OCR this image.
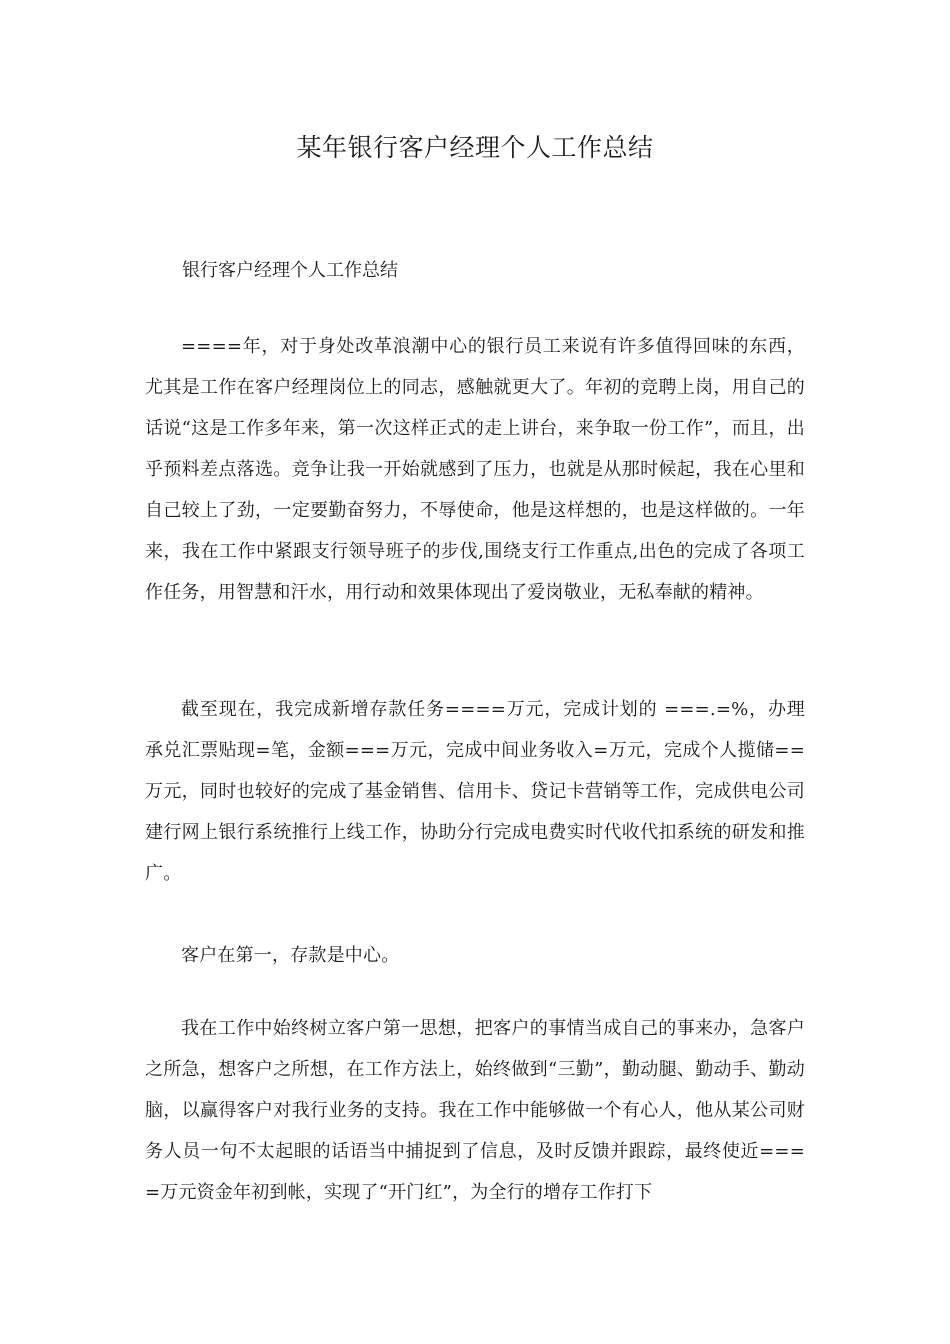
某年银行客户经理个人工作总结
银行客户经理个人工作总结

====年，对于身处改革浪潮中心的银行员工来说有许多值得回味的东西，尤其是工作在客户经理岗位上的同志，感触就更大了。年初的竞聘上岗，用自己的话说“这是工作多年来，第一次这样正式的走上讲台，来争取一份工作”，而且，出乎预料差点落选。竞争让我一开始就感到了压力，也就是从那时候起，我在心里和自己较上了劲，一定要勤奋努力，不辱使命，他是这样想的，也是这样做的。一年来，我在工作中紧跟支行领导班子的步伐,围绕支行工作重点,出色的完成了各项工作任务，用智慧和汗水，用行动和效果体现出了爱岗敬业，无私奉献的精神。

截至现在，我完成新增存款任务====万元，完成计划的 ===.=%，办理承兑汇票贴现=笔，金额===万元，完成中间业务收入=万元，完成个人揽储==万元，同时也较好的完成了基金销售、信用卡、贷记卡营销等工作，完成供电公司建行网上银行系统推行上线工作，协助分行完成电费实时代收代扣系统的研发和推广。

客户在第一，存款是中心。

我在工作中始终树立客户第一思想，把客户的事情当成自己的事来办，急客户之所急，想客户之所想，在工作方法上，始终做到“三勤”，勤动腿、勤动手、勤动脑，以赢得客户对我行业务的支持。我在工作中能够做一个有心人，他从某公司财务人员一句不太起眼的话语当中捕捉到了信息，及时反馈并跟踪，最终使近====万元资金年初到帐，实现了“开门红”，为全行的增存工作打下
